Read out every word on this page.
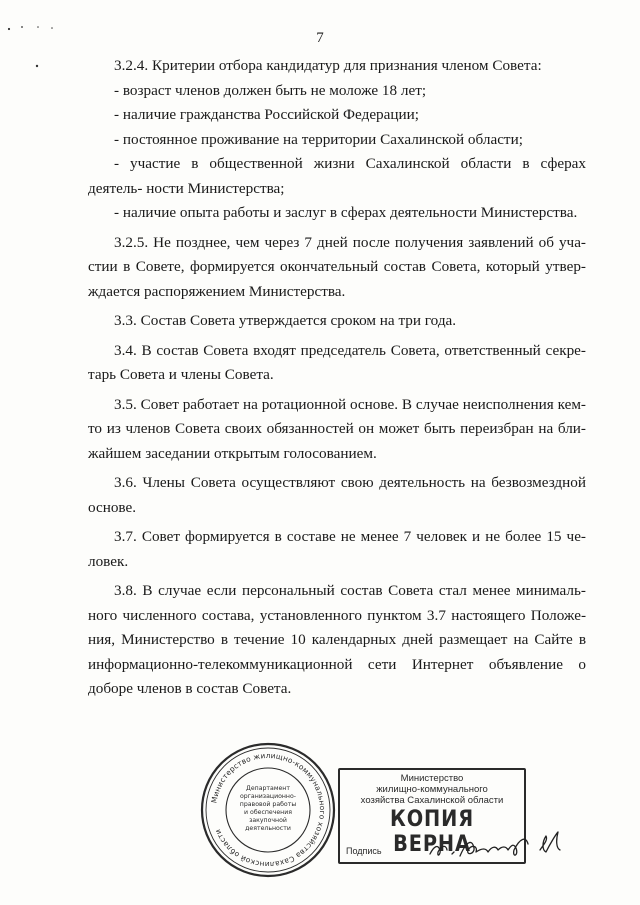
7

3.2.4. Критерии отбора кандидатур для признания членом Совета:

- возраст членов должен быть не моложе 18 лет;

- наличие гражданства Российской Федерации;

- постоянное проживание на территории Сахалинской области;

- участие в общественной жизни Сахалинской области в сферах деятель- ности Министерства;

- наличие опыта работы и заслуг в сферах деятельности Министерства.

3.2.5. Не позднее, чем через 7 дней после получения заявлений об уча- стии в Совете, формируется окончательный состав Совета, который утвер- ждается распоряжением Министерства.

3.3. Состав Совета утверждается сроком на три года.

3.4. В состав Совета входят председатель Совета, ответственный секре- тарь Совета и члены Совета.

3.5. Совет работает на ротационной основе. В случае неисполнения кем- то из членов Совета своих обязанностей он может быть переизбран на бли- жайшем заседании открытым голосованием.

3.6. Члены Совета осуществляют свою деятельность на безвозмездной основе.

3.7. Совет формируется в составе не менее 7 человек и не более 15 че- ловек.

3.8. В случае если персональный состав Совета стал менее минималь- ного численного состава, установленного пунктом 3.7 настоящего Положе- ния, Министерство в течение 10 календарных дней размещает на Сайте в информационно-телекоммуникационной сети Интернет объявление о доборе членов в состав Совета.

Министерство жилищно-коммунального хозяйства Сахалинской области
Департамент
организационно-
правовой работы
и обеспечения
закупочной
деятельности
Министерство
жилищно-коммунального
хозяйства Сахалинской области
КОПИЯ ВЕРНА
Подпись
